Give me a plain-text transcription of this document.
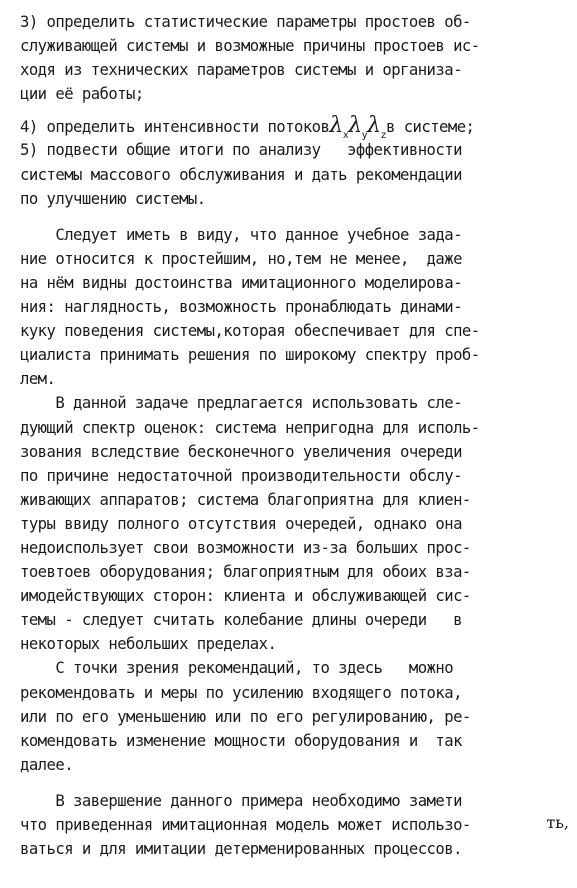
3) определить статистические параметры простоев об-
служивающей системы и возможные причины простоев ис-
ходя из технических параметров системы и организа-
ции её работы;
4) определить интенсивности $потоков\lambda_x\lambda_y\lambda_zв$ системе;
5) подвести общие итоги по анализу   эффективности
системы массового обслуживания и дать рекомендации
по улучшению системы.
Следует иметь в виду, что данное учебное зада-
ние относится к простейшим, но,тем не менее,  даже
на нём видны достоинства имитационного моделирова-
ния: наглядность, возможность пронаблюдать динами-
куку поведения системы,которая обеспечивает для спе-
циалиста принимать решения по широкому спектру проб-
лем.
В данной задаче предлагается использовать сле-
дующий спектр оценок: система непригодна для исполь-
зования вследствие бесконечного увеличения очереди
по причине недостаточной производительности обслу-
живающих аппаратов; система благоприятна для клиен-
туры ввиду полного отсутствия очередей, однако она
недоиспользует свои возможности из-за больших прос-
тоевтоев оборудования; благоприятным для обоих вза-
имодействующих сторон: клиента и обслуживающей сис-
темы - следует считать колебание длины очереди   в
некоторых небольших пределах.
С точки зрения рекомендаций, то здесь   можно
рекомендовать и меры по усилению входящего потока,
или по его уменьшению или по его регулированию, ре-
комендовать изменение мощности оборудования и  так
далее.
В завершение данного примера необходимо замети
что приведенная имитационная модель может использо-
ваться и для имитации детерменированных процессов.
ть,
